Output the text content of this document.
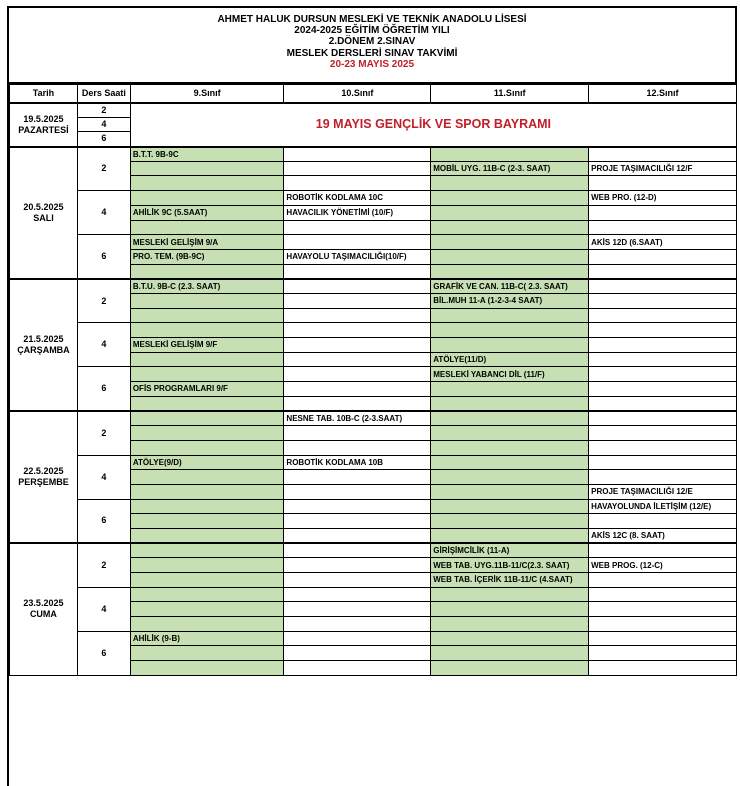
AHMET HALUK DURSUN MESLEKİ VE TEKNİK ANADOLU LİSESİ
2024-2025 EĞİTİM ÖĞRETİM YILI
2.DÖNEM 2.SINAV
MESLEK DERSLERİ SINAV TAKVİMİ
20-23 MAYIS 2025
Tarih	Ders Saati	9.Sınıf	10.Sınıf	11.Sınıf	12.Sınıf

19.5.2025
PAZARTESİ	2	19 MAYIS GENÇLİK VE SPOR BAYRAMI			

	4				

	6				

20.5.2025
SALI	2	B.T.T. 9B-9C			
				MOBİL UYG. 11B-C (2-3. SAAT)	PROJE TAŞIMACILIĞI 12/F

	4		ROBOTİK KODLAMA 10C		WEB PRO. (12-D)
		AHİLİK 9C (5.SAAT)	HAVACILIK YÖNETİMİ (10/F)		

	6	MESLEKİ GELİŞİM 9/A			AKİS 12D (6.SAAT)
		PRO. TEM. (9B-9C)	HAVAYOLU TAŞIMACILIĞI(10/F)		

21.5.2025
ÇARŞAMBA	2	B.T.U. 9B-C (2.3. SAAT)		GRAFİK VE CAN. 11B-C( 2.3. SAAT)	
				BİL.MUH 11-A (1-2-3-4 SAAT)	

	4				
		MESLEKİ GELİŞİM 9/F			
				ATÖLYE(11/D)	
	6			MESLEKİ YABANCI DİL (11/F)	
		OFİS PROGRAMLARI 9/F			

22.5.2025
PERŞEMBE	2		NESNE TAB. 10B-C (2-3.SAAT)		

	4	ATÖLYE(9/D)	ROBOTİK KODLAMA 10B		

					PROJE TAŞIMACILIĞI 12/E
	6				HAVAYOLUNDA İLETİŞİM (12/E)

					AKİS 12C (8. SAAT)

23.5.2025
CUMA	2			GİRİŞİMCİLİK (11-A)	
				WEB TAB. UYG.11B-11/C(2.3. SAAT)	WEB PROG. (12-C)
				WEB TAB. İÇERİK 11B-11/C (4.SAAT)	
	4				

	6	AHİLİK (9-B)			
